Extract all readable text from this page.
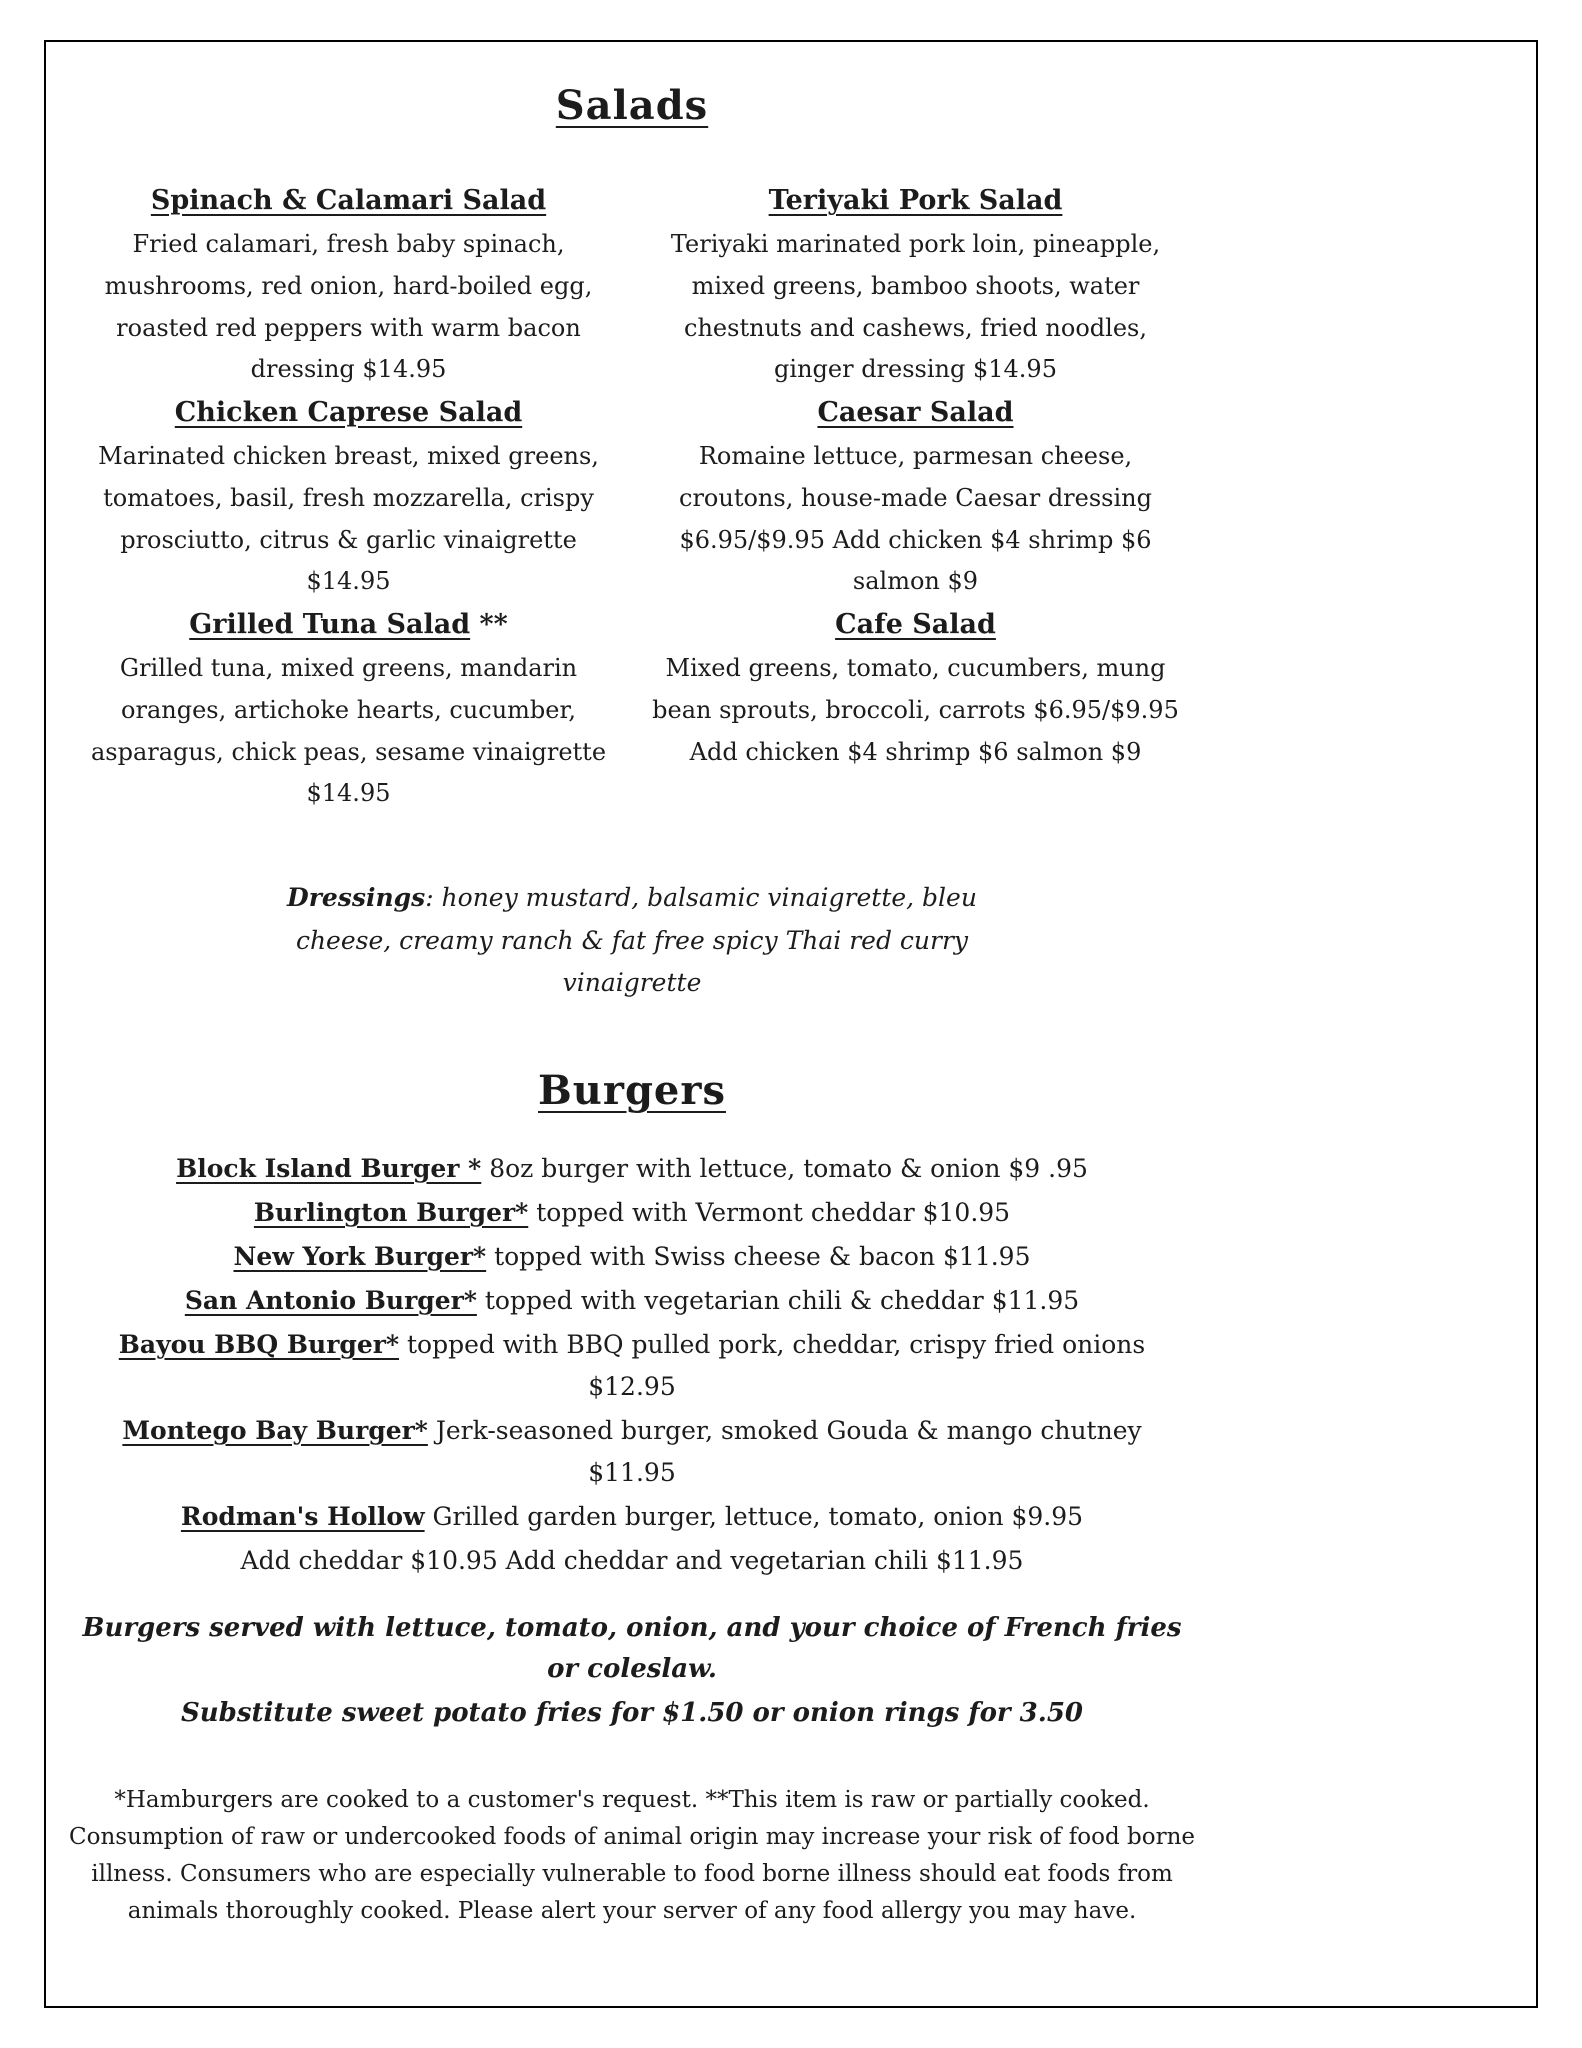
Salads
Spinach & Calamari Salad

Fried calamari, fresh baby spinach, mushrooms, red onion, hard-boiled egg, roasted red peppers with warm bacon dressing $14.95

Chicken Caprese Salad

Marinated chicken breast, mixed greens, tomatoes, basil, fresh mozzarella, crispy prosciutto, citrus & garlic vinaigrette $14.95

Grilled Tuna Salad **

Grilled tuna, mixed greens, mandarin oranges, artichoke hearts, cucumber, asparagus, chick peas, sesame vinaigrette $14.95

Teriyaki Pork Salad

Teriyaki marinated pork loin, pineapple, mixed greens, bamboo shoots, water chestnuts and cashews, fried noodles, ginger dressing $14.95

Caesar Salad

Romaine lettuce, parmesan cheese, croutons, house-made Caesar dressing $6.95/$9.95 Add chicken $4 shrimp $6 salmon $9

Cafe Salad

Mixed greens, tomato, cucumbers, mung bean sprouts, broccoli, carrots $6.95/$9.95 Add chicken $4 shrimp $6 salmon $9

Dressings: honey mustard, balsamic vinaigrette, bleu cheese, creamy ranch & fat free spicy Thai red curry vinaigrette

Burgers

Block Island Burger * 8oz burger with lettuce, tomato & onion $9 .95

Burlington Burger* topped with Vermont cheddar $10.95

New York Burger* topped with Swiss cheese & bacon $11.95

San Antonio Burger* topped with vegetarian chili & cheddar $11.95

Bayou BBQ Burger* topped with BBQ pulled pork, cheddar, crispy fried onions $12.95

Montego Bay Burger* Jerk-seasoned burger, smoked Gouda & mango chutney $11.95

Rodman's Hollow Grilled garden burger, lettuce, tomato, onion $9.95

Add cheddar $10.95 Add cheddar and vegetarian chili $11.95

Burgers served with lettuce, tomato, onion, and your choice of French fries or coleslaw.

Substitute sweet potato fries for $1.50 or onion rings for 3.50

*Hamburgers are cooked to a customer's request. **This item is raw or partially cooked. Consumption of raw or undercooked foods of animal origin may increase your risk of food borne illness. Consumers who are especially vulnerable to food borne illness should eat foods from animals thoroughly cooked. Please alert your server of any food allergy you may have.
